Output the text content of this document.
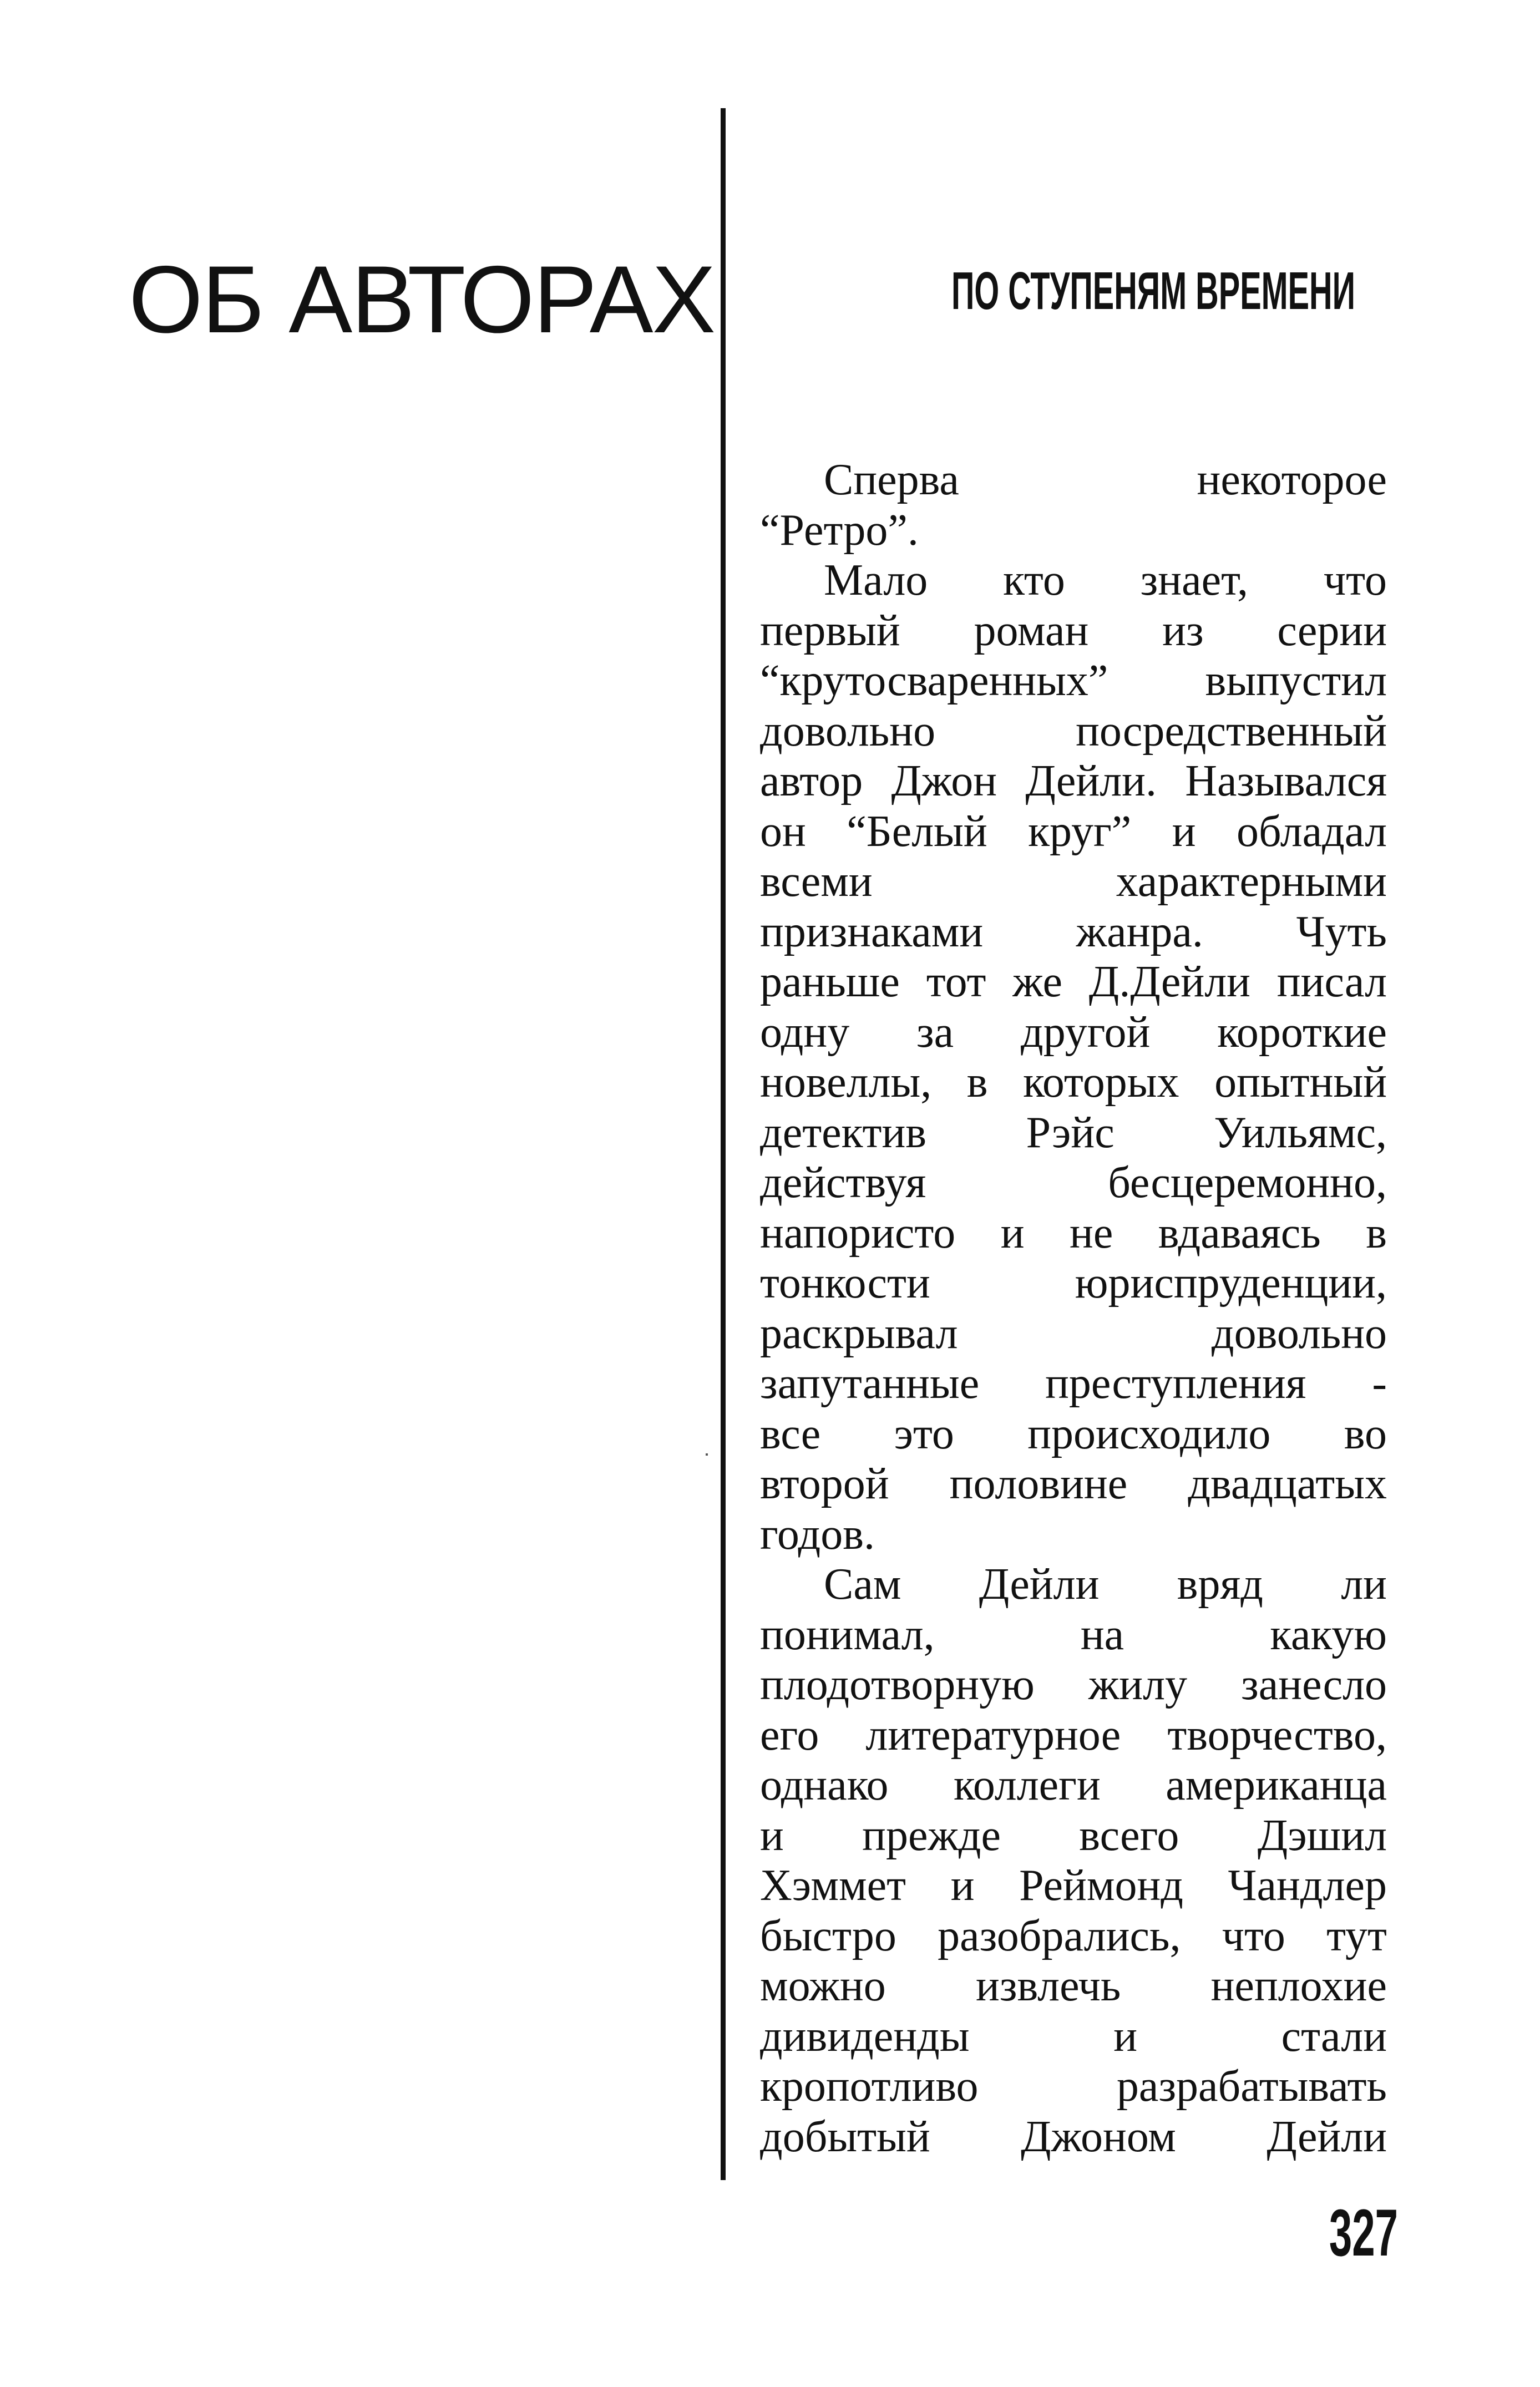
ОБ АВТОРАХ	ПО СТУПЕНЯМ ВРЕМЕНИ
Сперва некоторое
“Ретро”.
Мало кто знает, что
первый роман из серии
“крутосваренных” выпустил
довольно посредственный
автор Джон Дейли. Назывался
он “Белый круг” и обладал
всеми характерными
признаками жанра. Чуть
раньше тот же Д.Дейли писал
одну за другой короткие
новеллы, в которых опытный
детектив Рэйс Уильямс,
действуя бесцеремонно,
напористо и не вдаваясь в
тонкости юриспруденции,
раскрывал довольно
запутанные преступления -
все это происходило во
второй половине двадцатых
годов.
Сам Дейли вряд ли
понимал, на какую
плодотворную жилу занесло
его литературное творчество,
однако коллеги американца
и прежде всего Дэшил
Хэммет и Реймонд Чандлер
быстро разобрались, что тут
можно извлечь неплохие
дивиденды и стали
кропотливо разрабатывать
добытый Джоном Дейли
327
